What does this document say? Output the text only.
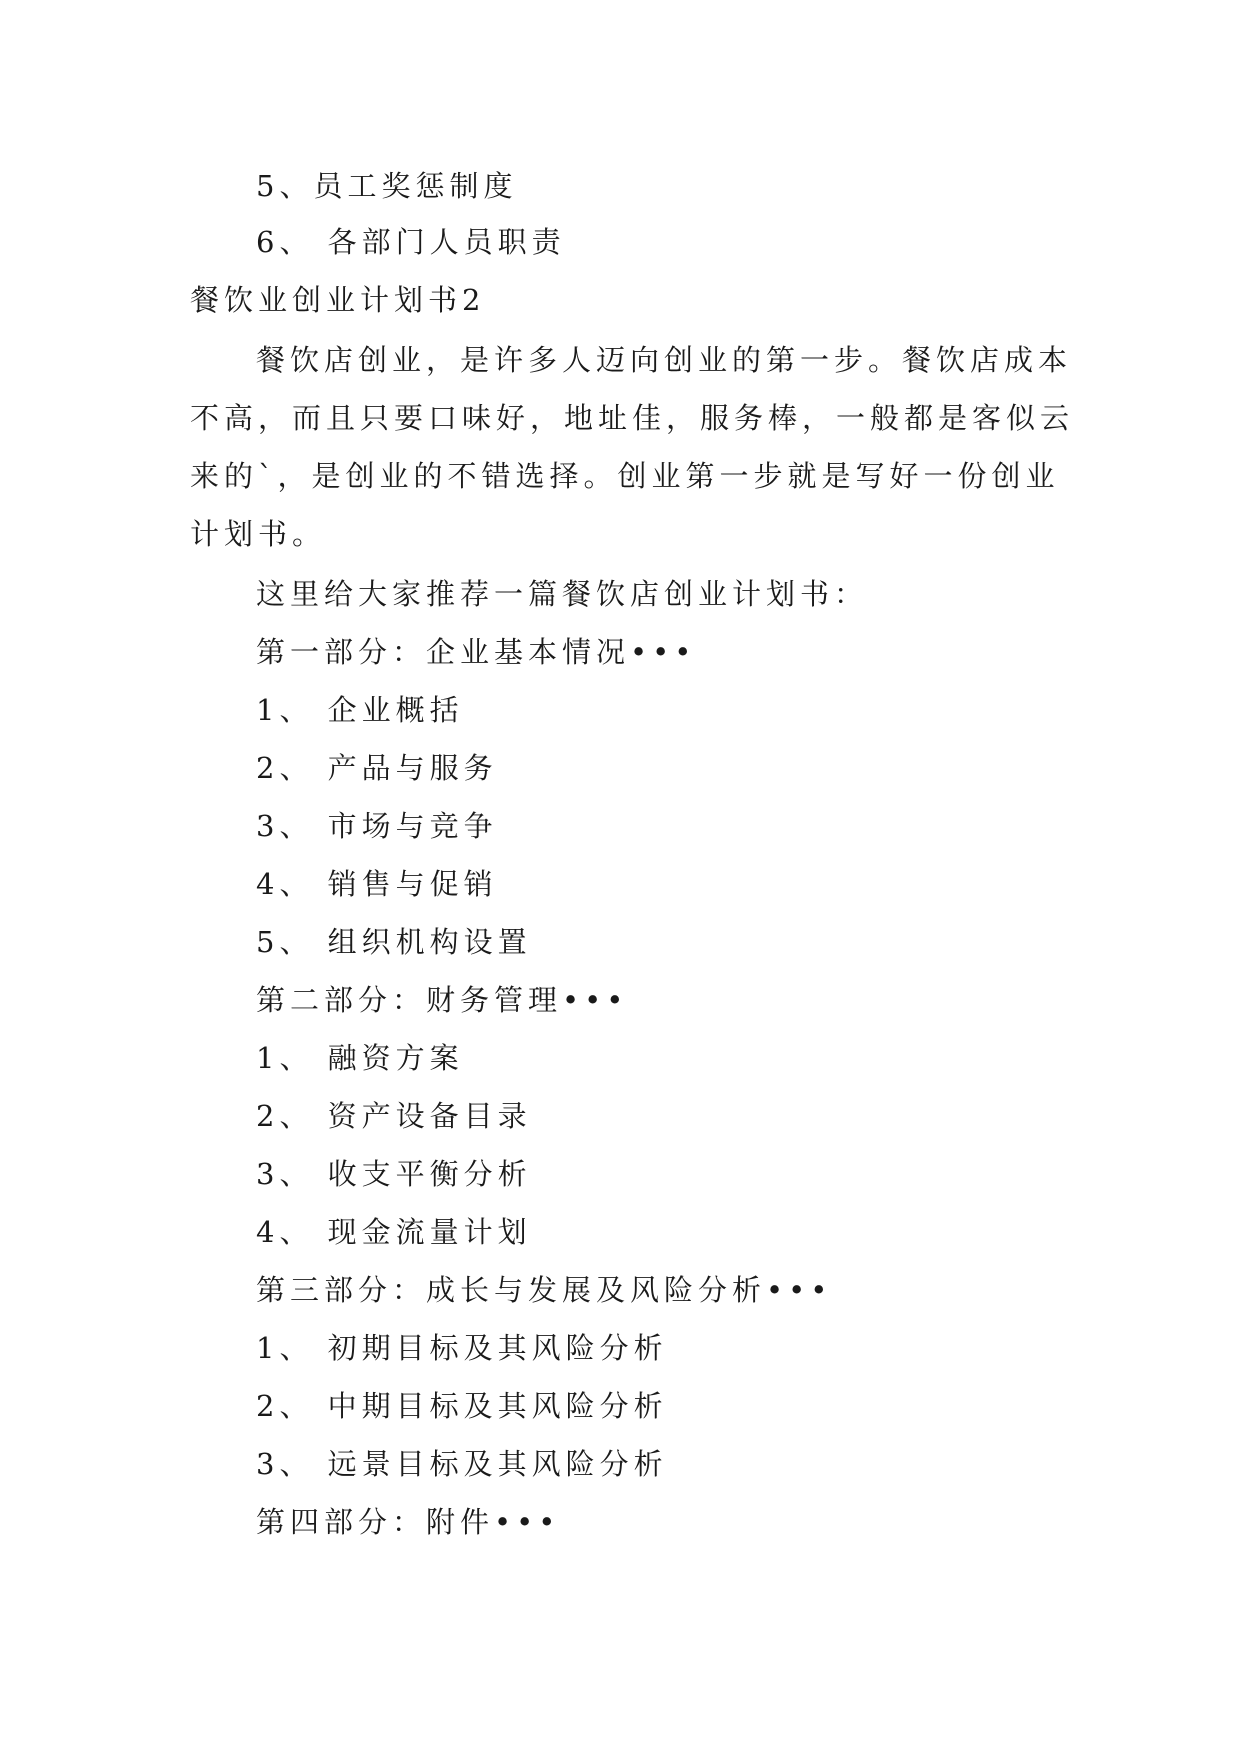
5、员工奖惩制度
6、 各部门人员职责
餐饮业创业计划书2
餐饮店创业，是许多人迈向创业的第一步。餐饮店成本
不高，而且只要口味好，地址佳，服务棒，一般都是客似云
来的`，是创业的不错选择。创业第一步就是写好一份创业
计划书。
这里给大家推荐一篇餐饮店创业计划书：
第一部分：企业基本情况•••
1、 企业概括
2、 产品与服务
3、 市场与竞争
4、 销售与促销
5、 组织机构设置
第二部分：财务管理•••
1、 融资方案
2、 资产设备目录
3、 收支平衡分析
4、 现金流量计划
第三部分：成长与发展及风险分析•••
1、 初期目标及其风险分析
2、 中期目标及其风险分析
3、 远景目标及其风险分析
第四部分：附件•••
